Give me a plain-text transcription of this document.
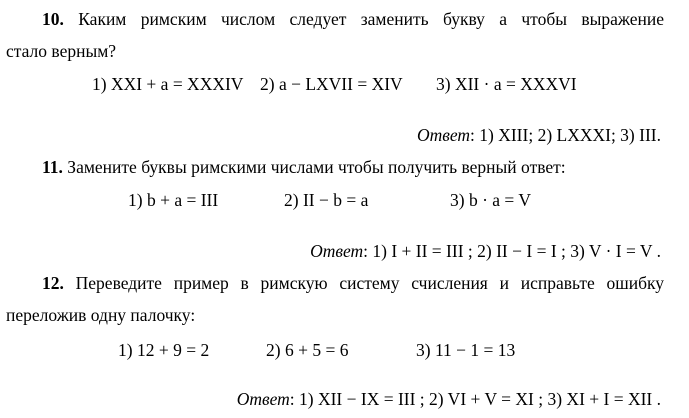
10. Каким римским числом следует заменить букву а чтобы выражение
стало верным?
1) XXI + a = XXXIV 2) a − LXVII = XIV 3) XII · a = XXXVI
Ответ: 1) XIII; 2) LXXXI; 3) III.
11. Замените буквы римскими числами чтобы получить верный ответ:
1) b + a = III	2) II − b = a	3) b · a = V
Ответ: 1) I + II = III ; 2) II − I = I ; 3) V · I = V .
12. Переведите пример в римскую систему счисления и исправьте ошибку
переложив одну палочку:
1) 12 + 9 = 2	2) 6 + 5 = 6	3) 11 − 1 = 13
Ответ: 1) XII − IX = III ; 2) VI + V = XI ; 3) XI + I = XII .
